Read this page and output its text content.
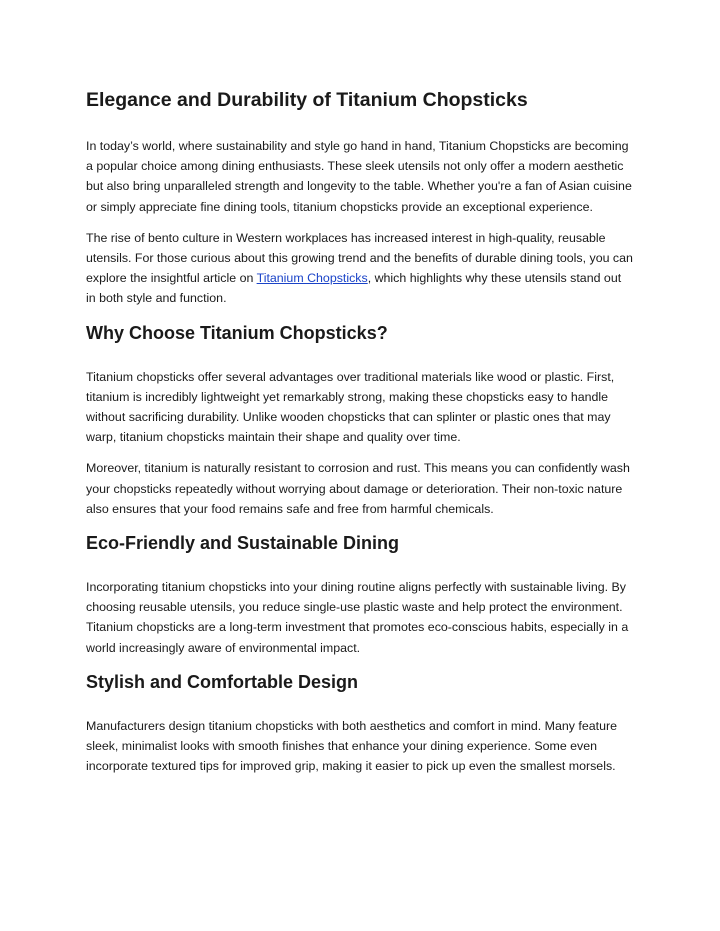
Elegance and Durability of Titanium Chopsticks

In today’s world, where sustainability and style go hand in hand, Titanium Chopsticks are becoming a popular choice among dining enthusiasts. These sleek utensils not only offer a modern aesthetic but also bring unparalleled strength and longevity to the table. Whether you're a fan of Asian cuisine or simply appreciate fine dining tools, titanium chopsticks provide an exceptional experience.

The rise of bento culture in Western workplaces has increased interest in high-quality, reusable utensils. For those curious about this growing trend and the benefits of durable dining tools, you can explore the insightful article on Titanium Chopsticks, which highlights why these utensils stand out in both style and function.

Why Choose Titanium Chopsticks?

Titanium chopsticks offer several advantages over traditional materials like wood or plastic. First, titanium is incredibly lightweight yet remarkably strong, making these chopsticks easy to handle without sacrificing durability. Unlike wooden chopsticks that can splinter or plastic ones that may warp, titanium chopsticks maintain their shape and quality over time.

Moreover, titanium is naturally resistant to corrosion and rust. This means you can confidently wash your chopsticks repeatedly without worrying about damage or deterioration. Their non-toxic nature also ensures that your food remains safe and free from harmful chemicals.

Eco-Friendly and Sustainable Dining

Incorporating titanium chopsticks into your dining routine aligns perfectly with sustainable living. By choosing reusable utensils, you reduce single-use plastic waste and help protect the environment. Titanium chopsticks are a long-term investment that promotes eco-conscious habits, especially in a world increasingly aware of environmental impact.

Stylish and Comfortable Design

Manufacturers design titanium chopsticks with both aesthetics and comfort in mind. Many feature sleek, minimalist looks with smooth finishes that enhance your dining experience. Some even incorporate textured tips for improved grip, making it easier to pick up even the smallest morsels.
